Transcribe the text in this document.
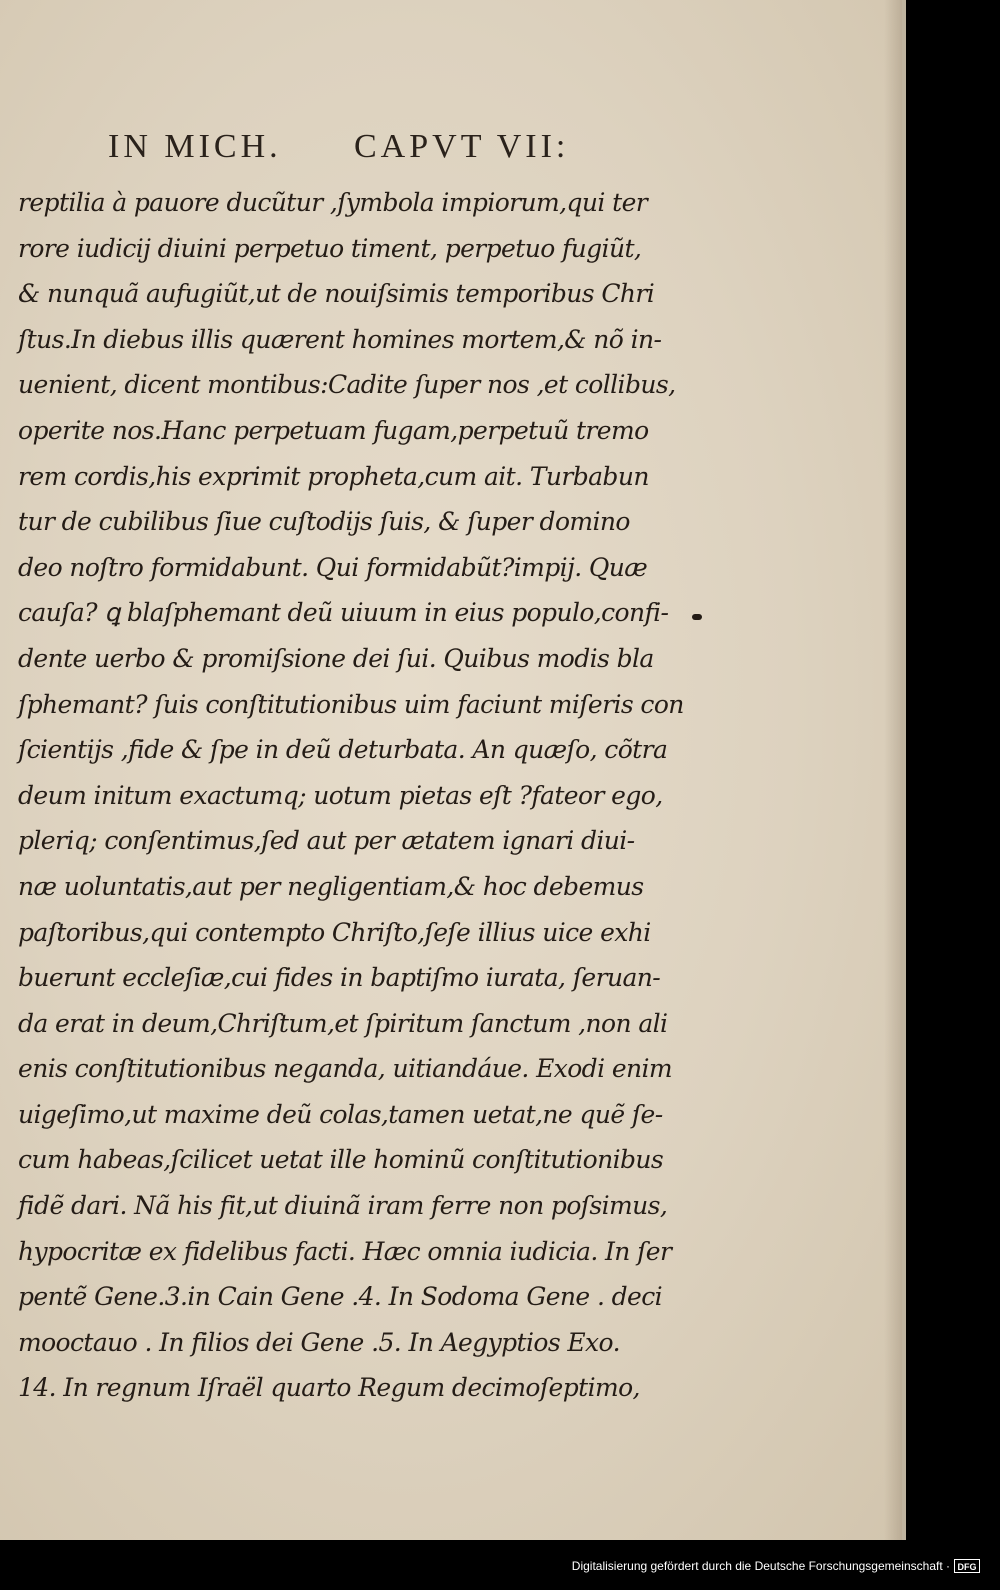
IN MICH. CAPVT VII:
reptilia à pauore ducũtur ,ſymbola impiorum,qui ter
rore iudicij diuini perpetuo timent, perpetuo fugiũt,
& nunquã aufugiũt,ut de nouiſsimis temporibus Chri
ſtus.In diebus illis quærent homines mortem,& nõ in-
uenient, dicent montibus:Cadite ſuper nos ,et collibus,
operite nos.Hanc perpetuam fugam,perpetuũ tremo
rem cordis,his exprimit propheta,cum ait. Turbabun
tur de cubilibus ſiue cuſtodijs ſuis, & ſuper domino
deo noſtro formidabunt. Qui formidabũt?impij. Quæ
cauſa? ꝗ blaſphemant deũ uiuum in eius populo,confi-
dente uerbo & promiſsione dei ſui. Quibus modis bla
ſphemant? ſuis conſtitutionibus uim faciunt miſeris con
ſcientijs ,fide & ſpe in deũ deturbata. An quæſo, cõtra
deum initum exactumq; uotum pietas eſt ?fateor ego,
pleriq; conſentimus,ſed aut per ætatem ignari diui-
næ uoluntatis,aut per negligentiam,& hoc debemus
paſtoribus,qui contempto Chriſto,ſeſe illius uice exhi
buerunt eccleſiæ,cui fides in baptiſmo iurata, ſeruan-
da erat in deum,Chriſtum,et ſpiritum ſanctum ,non ali
enis conſtitutionibus neganda, uitiandáue. Exodi enim
uigeſimo,ut maxime deũ colas,tamen uetat,ne quẽ ſe-
cum habeas,ſcilicet uetat ille hominũ conſtitutionibus
fidẽ dari. Nã his fit,ut diuinã iram ferre non poſsimus,
hypocritæ ex fidelibus facti. Hæc omnia iudicia. In ſer
pentẽ Gene.3.in Cain Gene .4. In Sodoma Gene . deci
mooctauo . In filios dei Gene .5. In Aegyptios Exo.
14. In regnum Iſraël quarto Regum decimoſeptimo,
Digitalisierung gefördert durch die Deutsche Forschungsgemeinschaft · DFG
